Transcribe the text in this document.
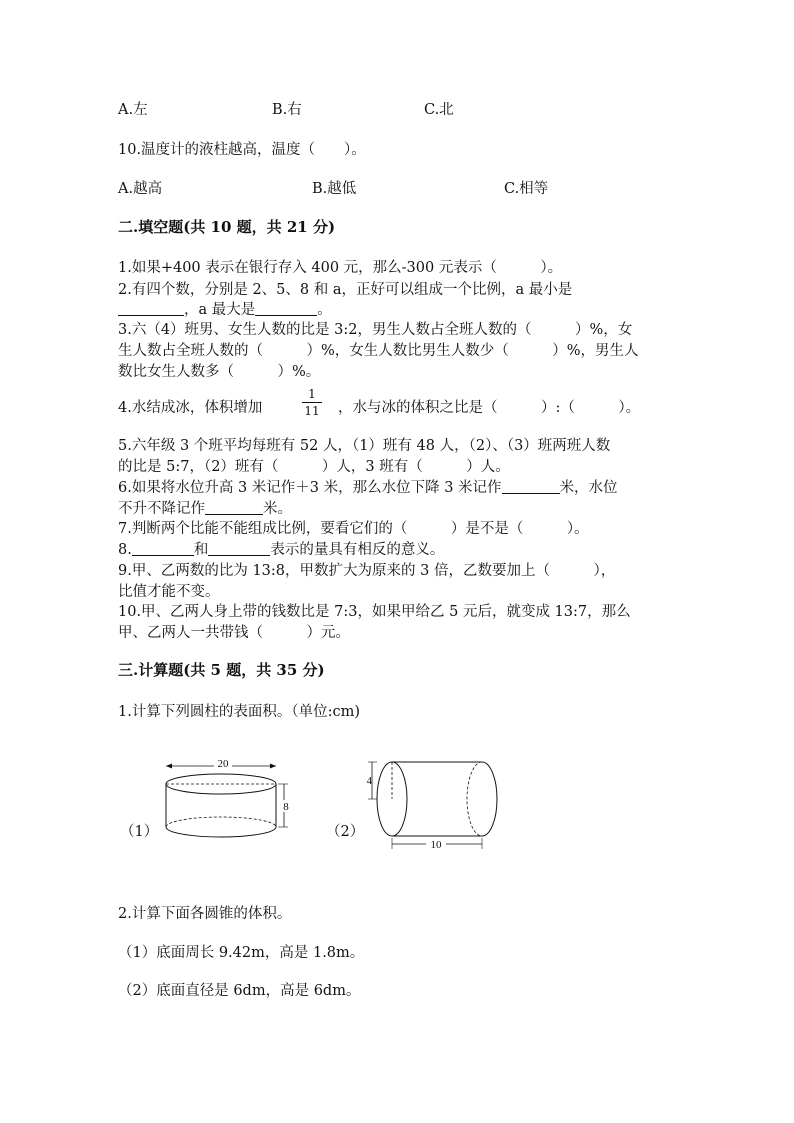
A.左	B.右	C.北
10.温度计的液柱越高，温度（　　）。
A.越高	B.越低	C.相等
二.填空题(共 10 题，共 21 分)
1.如果+400 表示在银行存入 400 元，那么-300 元表示（　　　）。
2.有四个数，分别是 2、5、8 和 a，正好可以组成一个比例，a 最小是
，a 最大是	。
3.六（4）班男、女生人数的比是 3:2，男生人数占全班人数的（　　　）%，女
生人数占全班人数的（　　　）%，女生人数比男生人数少（　　　）%，男生人
数比女生人数多（　　　）%。
4.水结成冰，体积增加
1
11 ，水与冰的体积之比是（　　　）:（　　　）。
5.六年级 3 个班平均每班有 52 人，（1）班有 48 人，（2）、（3）班两班人数
的比是 5:7，（2）班有（　　　）人，3 班有（　　　）人。
6.如果将水位升高 3 米记作＋3 米，那么水位下降 3 米记作	米，水位
不升不降记作	米。
7.判断两个比能不能组成比例，要看它们的（　　　）是不是（　　　）。
8.	和	表示的量具有相反的意义。
9.甲、乙两数的比为 13:8，甲数扩大为原来的 3 倍，乙数要加上（　　　），
比值才能不变。
10.甲、乙两人身上带的钱数比是 7:3，如果甲给乙 5 元后，就变成 13:7，那么
甲、乙两人一共带钱（　　　）元。
三.计算题(共 5 题，共 35 分)
1.计算下列圆柱的表面积。（单位:cm)
（1）
20
8
（2）
4
10
2.计算下面各圆锥的体积。
（1）底面周长 9.42m，高是 1.8m。
（2）底面直径是 6dm，高是 6dm。
